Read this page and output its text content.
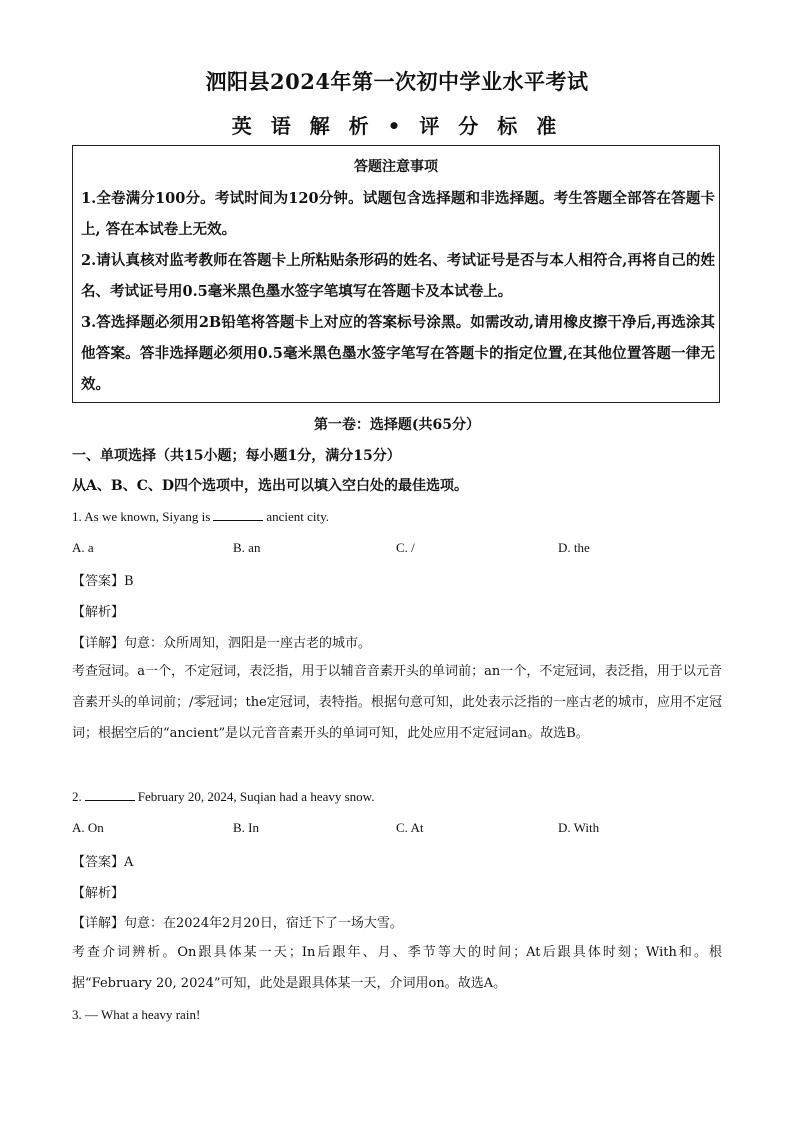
泗阳县2024年第一次初中学业水平考试
英 语 解 析 • 评 分 标 准
答题注意事项
1.全卷满分100分。考试时间为120分钟。试题包含选择题和非选择题。考生答题全部答在答题卡上, 答在本试卷上无效。
2.请认真核对监考教师在答题卡上所粘贴条形码的姓名、考试证号是否与本人相符合,再将自己的姓名、考试证号用0.5毫米黑色墨水签字笔填写在答题卡及本试卷上。
3.答选择题必须用2B铅笔将答题卡上对应的答案标号涂黑。如需改动,请用橡皮擦干净后,再选涂其他答案。答非选择题必须用0.5毫米黑色墨水签字笔写在答题卡的指定位置,在其他位置答题一律无效。
第一卷：选择题(共65分）
一、单项选择（共15小题；每小题1分，满分15分）
从A、B、C、D四个选项中，选出可以填入空白处的最佳选项。
1. As we known, Siyang is	ancient city.
A. a	B. an	C. /	D. the
【答案】B
【解析】
【详解】句意：众所周知，泗阳是一座古老的城市。
考查冠词。a一个，不定冠词，表泛指，用于以辅音音素开头的单词前；an一个，不定冠词，表泛指，用于以元音音素开头的单词前；/零冠词；the定冠词，表特指。根据句意可知，此处表示泛指的一座古老的城市，应用不定冠词；根据空后的“ancient”是以元音音素开头的单词可知，此处应用不定冠词an。故选B。
2.	February 20, 2024, Suqian had a heavy snow.
A. On	B. In	C. At	D. With
【答案】A
【解析】
【详解】句意：在2024年2月20日，宿迁下了一场大雪。
考查介词辨析。On跟具体某一天；In后跟年、月、季节等大的时间；At后跟具体时刻；With和。根据“February 20, 2024”可知，此处是跟具体某一天，介词用on。故选A。
3. — What a heavy rain!
